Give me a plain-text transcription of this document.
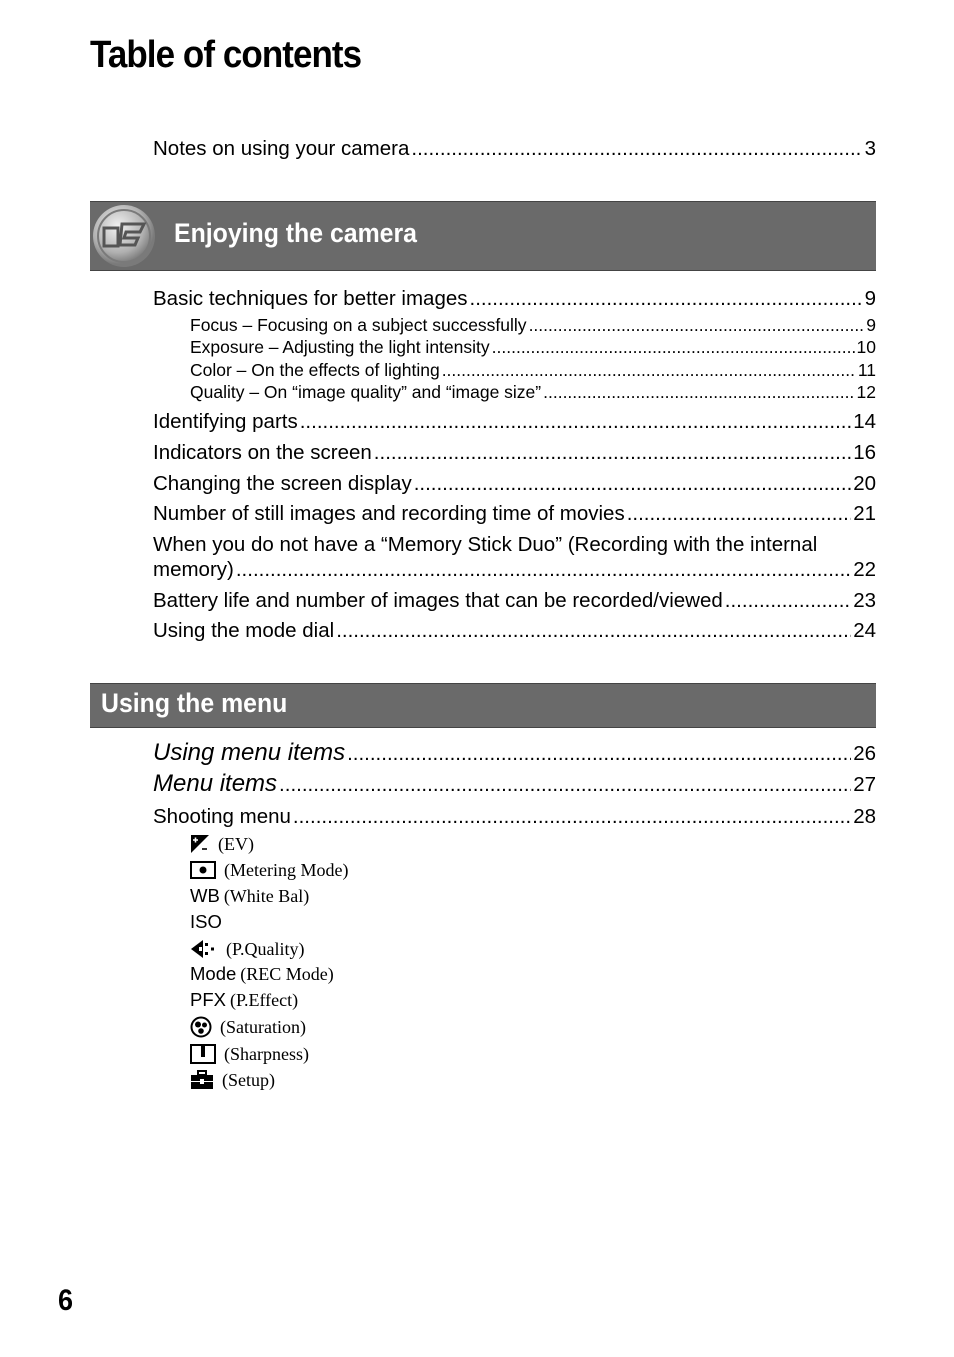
Table of contents
Notes on using your camera .....	3
Enjoying the camera
Basic techniques for better images .....	9
Focus – Focusing on a subject successfully .....	9
Exposure – Adjusting the light intensity .....	10
Color – On the effects of lighting .....	11
Quality – On “image quality” and “image size” .....	12
Identifying parts .....	14
Indicators on the screen .....	16
Changing the screen display .....	20
Number of still images and recording time of movies .....	21
When you do not have a “Memory Stick Duo” (Recording with the internal
memory) .....	22
Battery life and number of images that can be recorded/viewed .....	23
Using the mode dial .....	24
Using the menu
Using menu items .....	26
Menu items .....	27
Shooting menu .....	28
(EV)
(Metering Mode)
WB (White Bal)
ISO
(P.Quality)
Mode (REC Mode)
PFX (P.Effect)
(Saturation)
(Sharpness)
(Setup)
6
